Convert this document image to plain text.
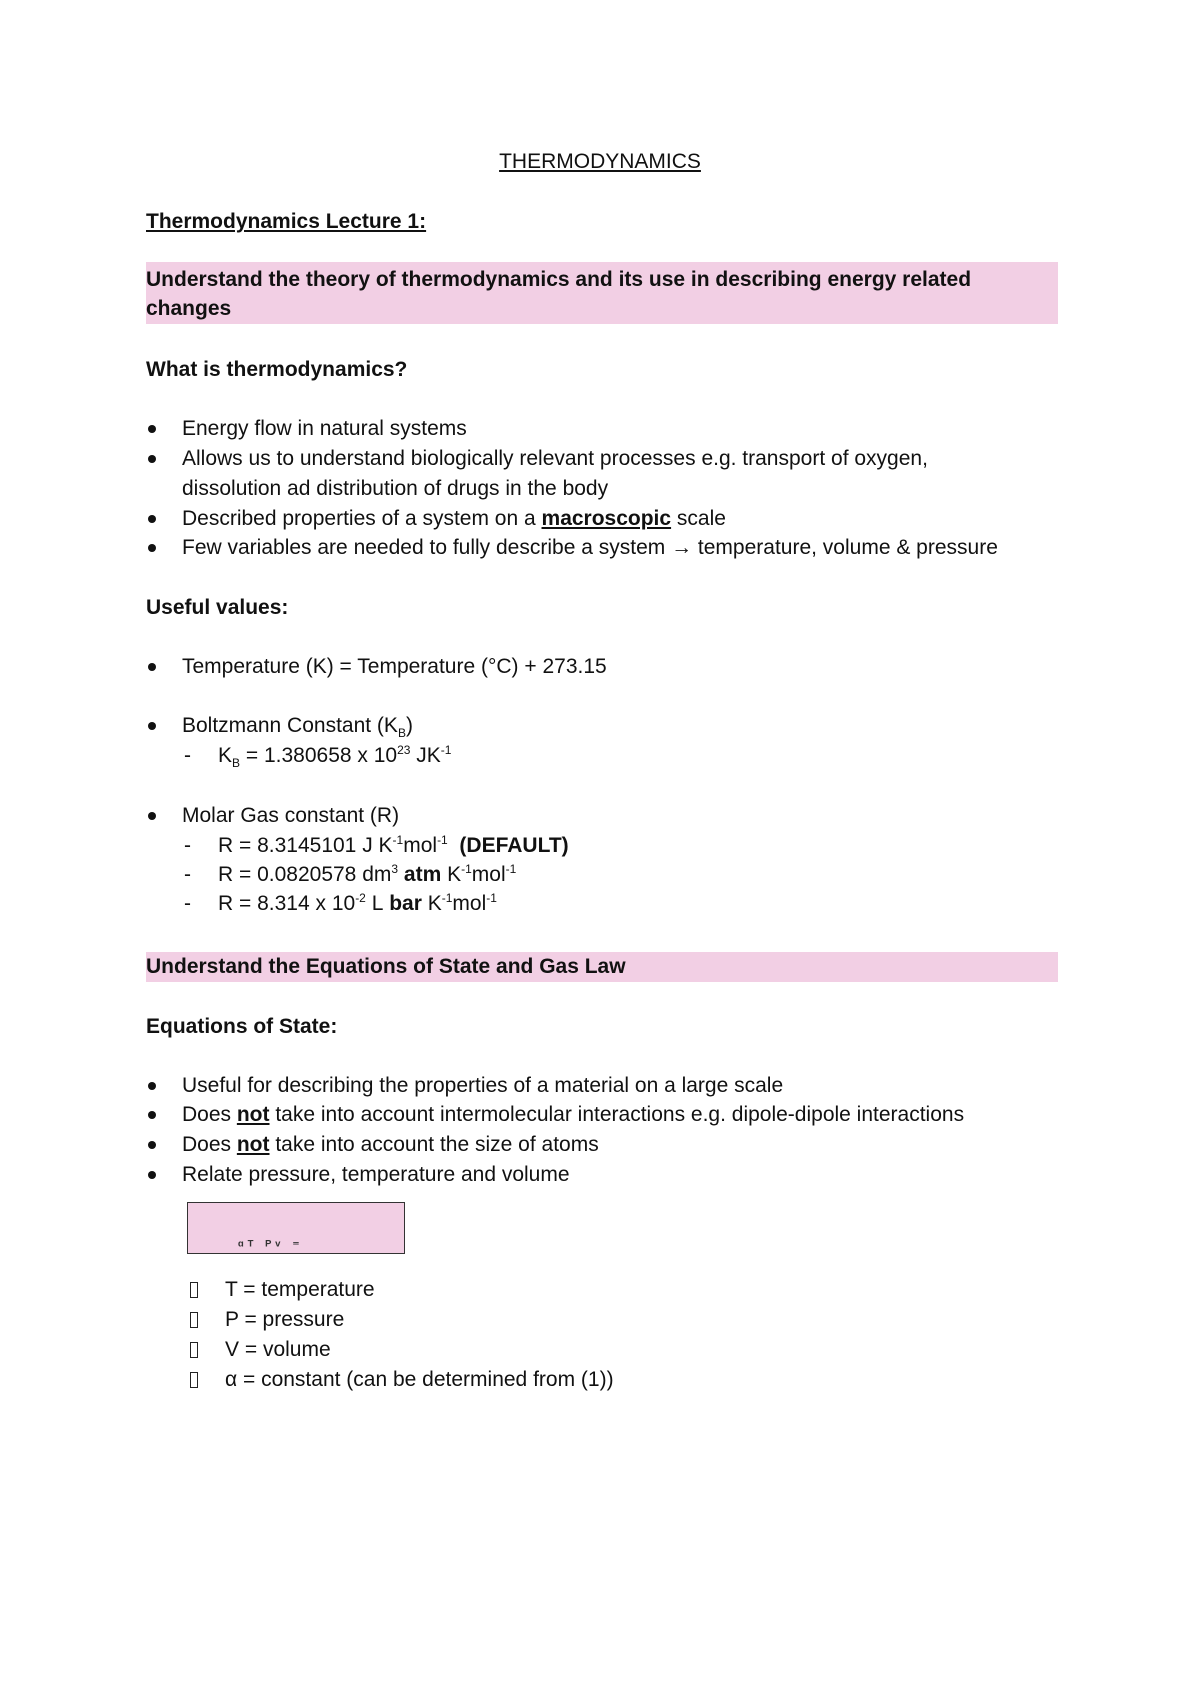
THERMODYNAMICS
Thermodynamics Lecture 1:
Understand the theory of thermodynamics and its use in describing energy related
changes
What is thermodynamics?
Energy flow in natural systems
Allows us to understand biologically relevant processes e.g. transport of oxygen,
dissolution ad distribution of drugs in the body
Described properties of a system on a macroscopic scale
Few variables are needed to fully describe a system → temperature, volume & pressure
Useful values:
Temperature (K) = Temperature (°C) + 273.15
Boltzmann Constant $(K_B)$
- $K_B = 1.380658$ x $10^{23}$ $JK^{-1}$
Molar Gas constant (R)
- R = 8.3145101 J $K^{-1}mol^{-1}$ (DEFAULT)
- R = 0.0820578 $dm^3$ atm $K^{-1}mol^{-1}$
- R = 8.314 x $10^{-2}$ L bar $K^{-1}mol^{-1}$
Understand the Equations of State and Gas Law
Equations of State:
Useful for describing the properties of a material on a large scale
Does not take into account intermolecular interactions e.g. dipole-dipole interactions
Does not take into account the size of atoms
Relate pressure, temperature and volume
ᵅᵀ ᴾᵛ ⁼
T = temperature
P = pressure
V = volume
α = constant (can be determined from (1))
